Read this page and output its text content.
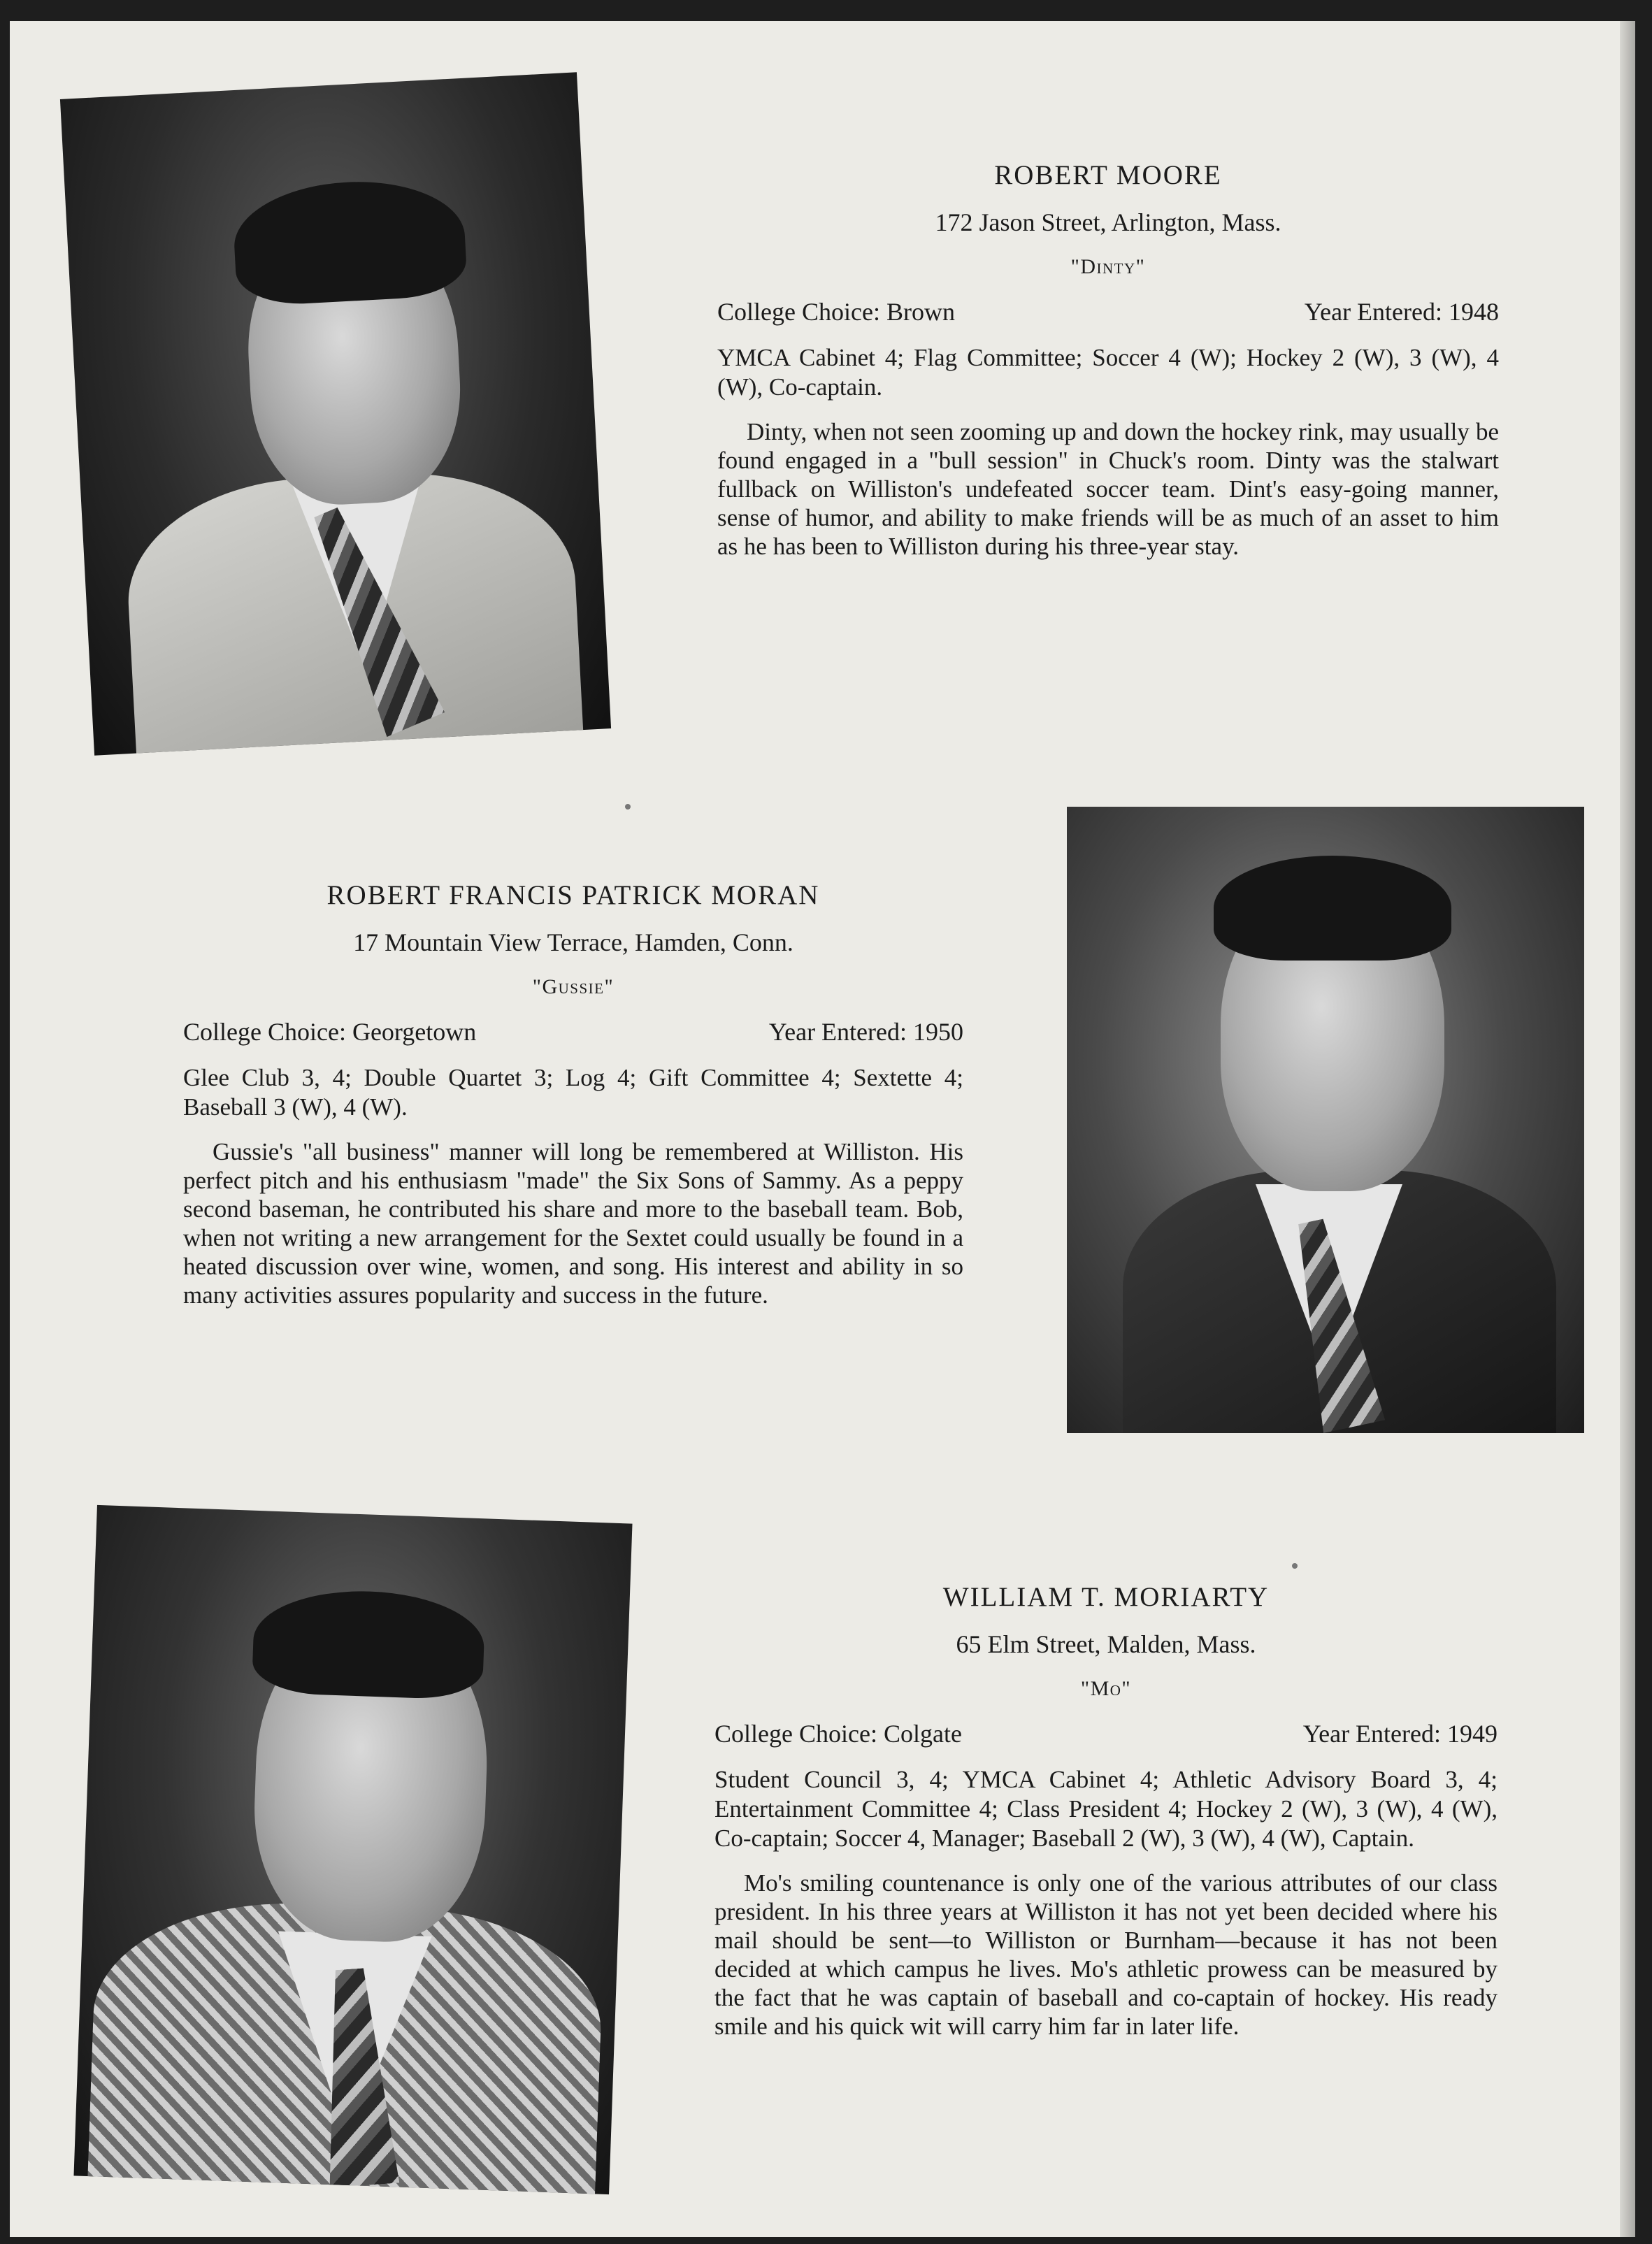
ROBERT MOORE

172 Jason Street, Arlington, Mass.
"Dinty"
College Choice: Brown	Year Entered: 1948
YMCA Cabinet 4; Flag Committee; Soccer 4 (W); Hockey 2 (W), 3 (W), 4 (W), Co-captain.
Dinty, when not seen zooming up and down the hockey rink, may usually be found engaged in a "bull session" in Chuck's room. Dinty was the stalwart fullback on Williston's undefeated soccer team. Dint's easy-going manner, sense of humor, and ability to make friends will be as much of an asset to him as he has been to Williston during his three-year stay.

ROBERT FRANCIS PATRICK MORAN

17 Mountain View Terrace, Hamden, Conn.
"Gussie"
College Choice: Georgetown	Year Entered: 1950
Glee Club 3, 4; Double Quartet 3; Log 4; Gift Committee 4; Sextette 4; Baseball 3 (W), 4 (W).
Gussie's "all business" manner will long be remembered at Williston. His perfect pitch and his enthusiasm "made" the Six Sons of Sammy. As a peppy second baseman, he contributed his share and more to the baseball team. Bob, when not writing a new arrangement for the Sextet could usually be found in a heated discussion over wine, women, and song. His interest and ability in so many activities assures popularity and success in the future.

WILLIAM T. MORIARTY

65 Elm Street, Malden, Mass.
"Mo"
College Choice: Colgate	Year Entered: 1949
Student Council 3, 4; YMCA Cabinet 4; Athletic Advisory Board 3, 4; Entertainment Committee 4; Class President 4; Hockey 2 (W), 3 (W), 4 (W), Co-captain; Soccer 4, Manager; Baseball 2 (W), 3 (W), 4 (W), Captain.
Mo's smiling countenance is only one of the various attributes of our class president. In his three years at Williston it has not yet been decided where his mail should be sent—to Williston or Burnham—because it has not been decided at which campus he lives. Mo's athletic prowess can be measured by the fact that he was captain of baseball and co-captain of hockey. His ready smile and his quick wit will carry him far in later life.
